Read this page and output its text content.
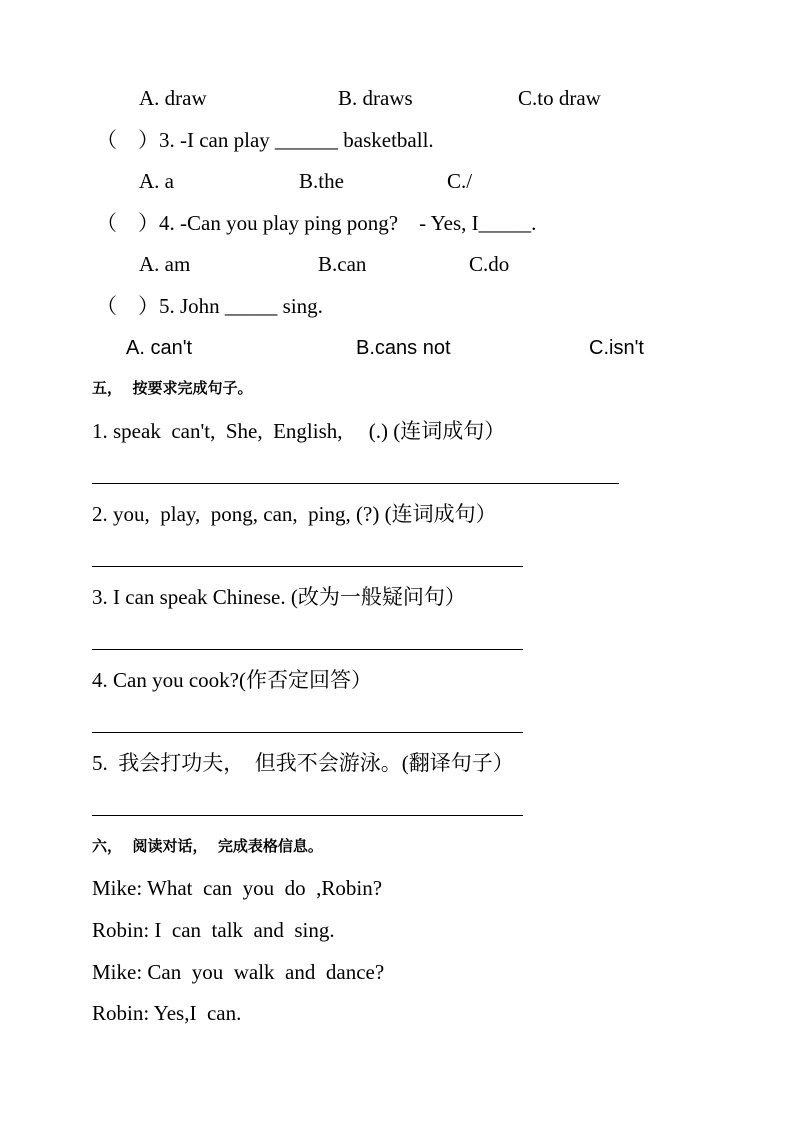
A. draw	B. draws	C.to draw
（    ）3. -I can play ______ basketball.
A. a	B.the	C./
（    ）4. -Can you play ping pong?    - Yes, I_____.
A. am	B.can	C.do
（    ）5. John _____ sing.
A. can't	B.cans not	C.isn't
五，  按要求完成句子。
1. speak  can't,  She,  English,     (.) (连词成句）
2. you,  play,  pong, can,  ping, (?) (连词成句）
3. I can speak Chinese. (改为一般疑问句）
4. Can you cook?(作否定回答）
5.  我会打功夫，  但我不会游泳。(翻译句子）
六，  阅读对话，  完成表格信息。
Mike: What  can  you  do  ,Robin?
Robin: I  can  talk  and  sing.
Mike: Can  you  walk  and  dance?
Robin: Yes,I  can.
